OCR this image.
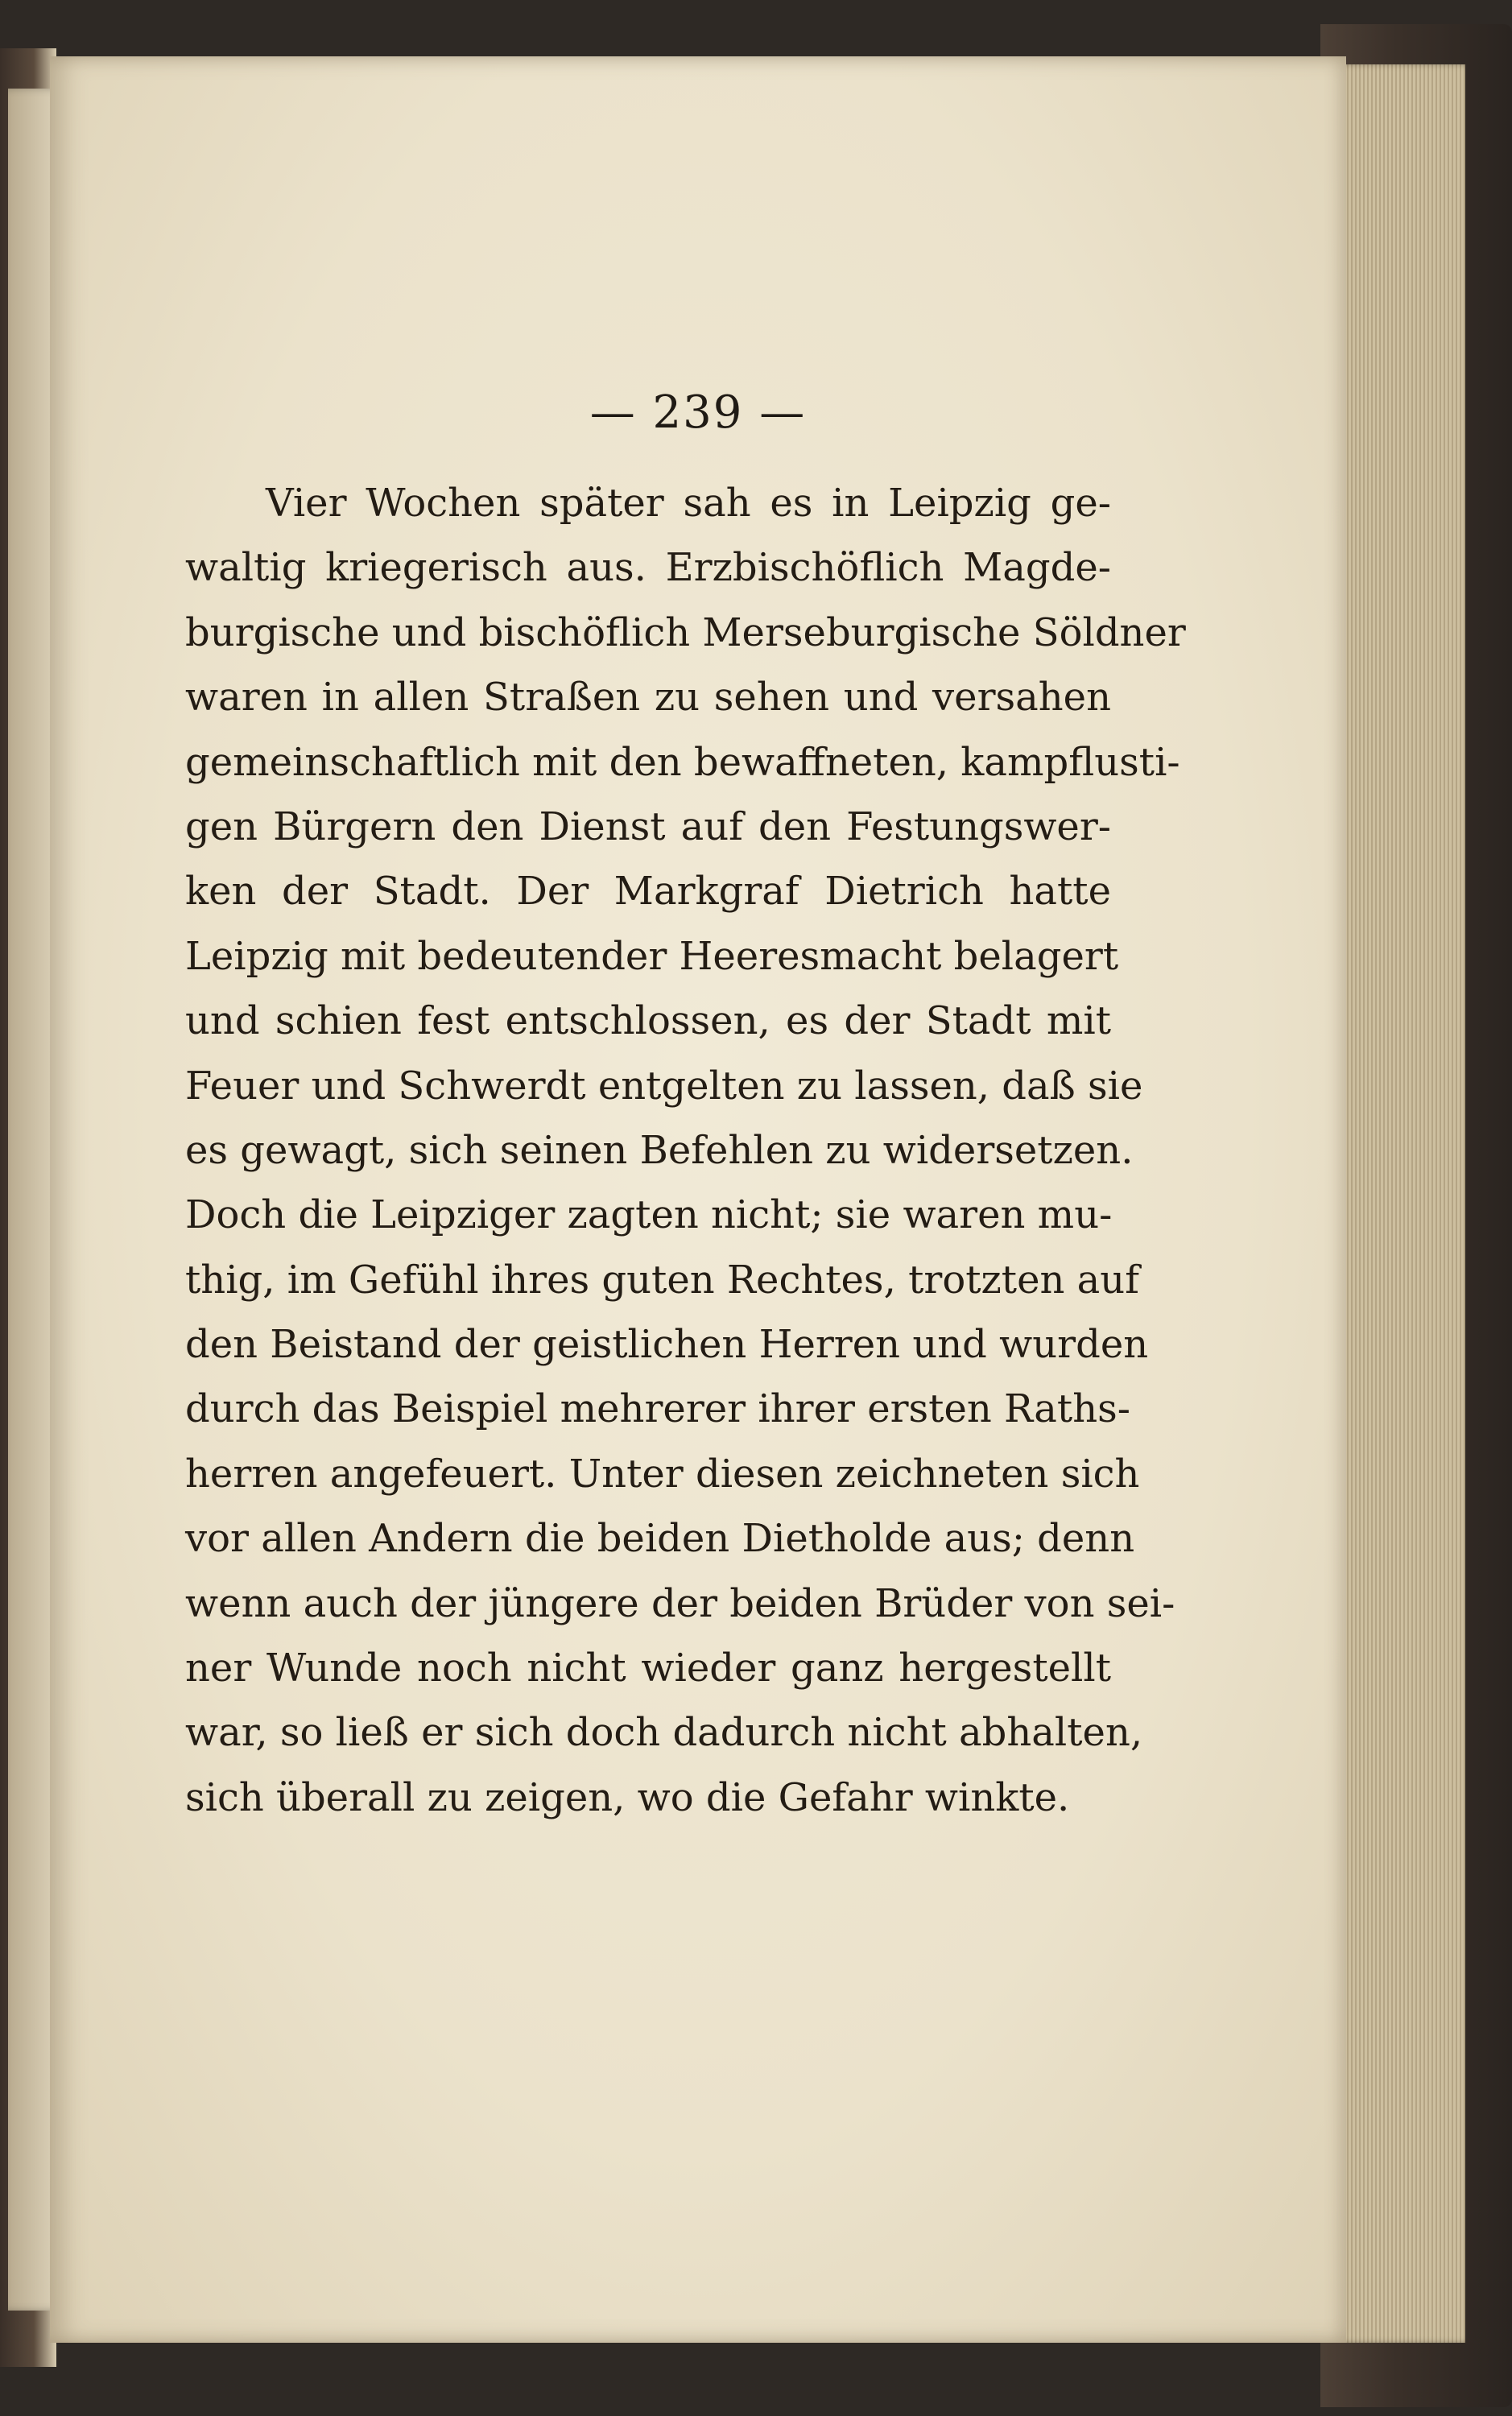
— 239 —
Vier Wochen später sah es in Leipzig ge-
waltig kriegerisch aus. Erzbischöflich Magde-
burgische und bischöflich Merseburgische Söldner
waren in allen Straßen zu sehen und versahen
gemeinschaftlich mit den bewaffneten, kampflusti-
gen Bürgern den Dienst auf den Festungswer-
ken der Stadt. Der Markgraf Dietrich hatte
Leipzig mit bedeutender Heeresmacht belagert
und schien fest entschlossen, es der Stadt mit
Feuer und Schwerdt entgelten zu lassen, daß sie
es gewagt, sich seinen Befehlen zu widersetzen.
Doch die Leipziger zagten nicht; sie waren mu-
thig, im Gefühl ihres guten Rechtes, trotzten auf
den Beistand der geistlichen Herren und wurden
durch das Beispiel mehrerer ihrer ersten Raths-
herren angefeuert. Unter diesen zeichneten sich
vor allen Andern die beiden Dietholde aus; denn
wenn auch der jüngere der beiden Brüder von sei-
ner Wunde noch nicht wieder ganz hergestellt
war, so ließ er sich doch dadurch nicht abhalten,
sich überall zu zeigen, wo die Gefahr winkte.
